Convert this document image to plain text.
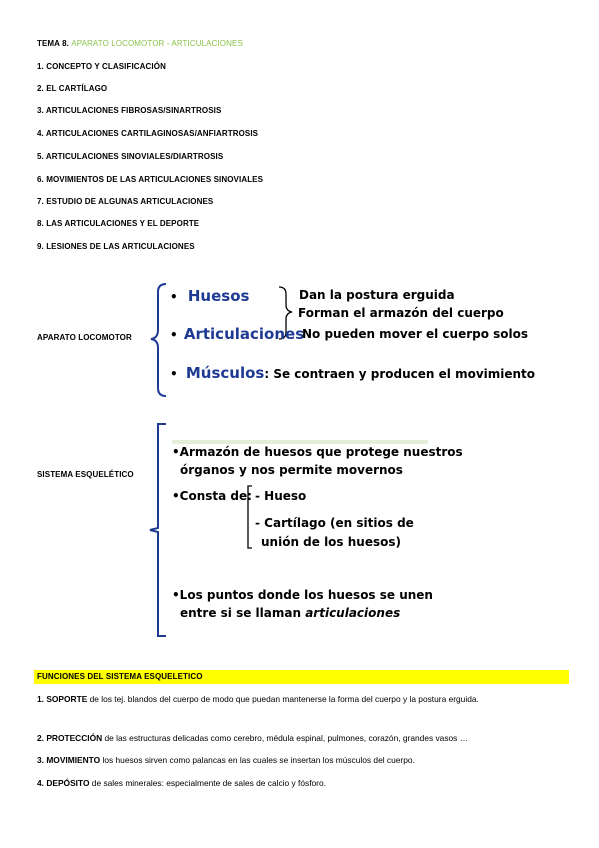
TEMA 8. APARATO LOCOMOTOR - ARTICULACIONES
1. CONCEPTO Y CLASIFICACIÓN
2. EL CARTÍLAGO
3. ARTICULACIONES FIBROSAS/SINARTROSIS
4. ARTICULACIONES CARTILAGINOSAS/ANFIARTROSIS
5. ARTICULACIONES SINOVIALES/DIARTROSIS
6. MOVIMIENTOS DE LAS ARTICULACIONES SINOVIALES
7. ESTUDIO DE ALGUNAS ARTICULACIONES
8. LAS ARTICULACIONES Y EL DEPORTE
9. LESIONES DE LAS ARTICULACIONES
APARATO LOCOMOTOR
• Huesos
• Articulaciones
• Músculos: Se contraen y producen el movimiento
Dan la postura erguida
Forman el armazón del cuerpo
No pueden mover el cuerpo solos
SISTEMA ESQUELÉTICO
•Armazón de huesos que protege nuestros
órganos y nos permite movernos
•Consta de: - Hueso
- Cartílago (en sitios de
unión de los huesos)
•Los puntos donde los huesos se unen
entre si se llaman articulaciones
FUNCIONES DEL SISTEMA ESQUELETICO
1. SOPORTE de los tej. blandos del cuerpo de modo que puedan mantenerse la forma del cuerpo y la postura erguida.
2. PROTECCIÓN de las estructuras delicadas como cerebro, médula espinal, pulmones, corazón, grandes vasos …
3. MOVIMIENTO los huesos sirven como palancas en las cuales se insertan los músculos del cuerpo.
4. DEPÓSITO de sales minerales: especialmente de sales de calcio y fósforo.
